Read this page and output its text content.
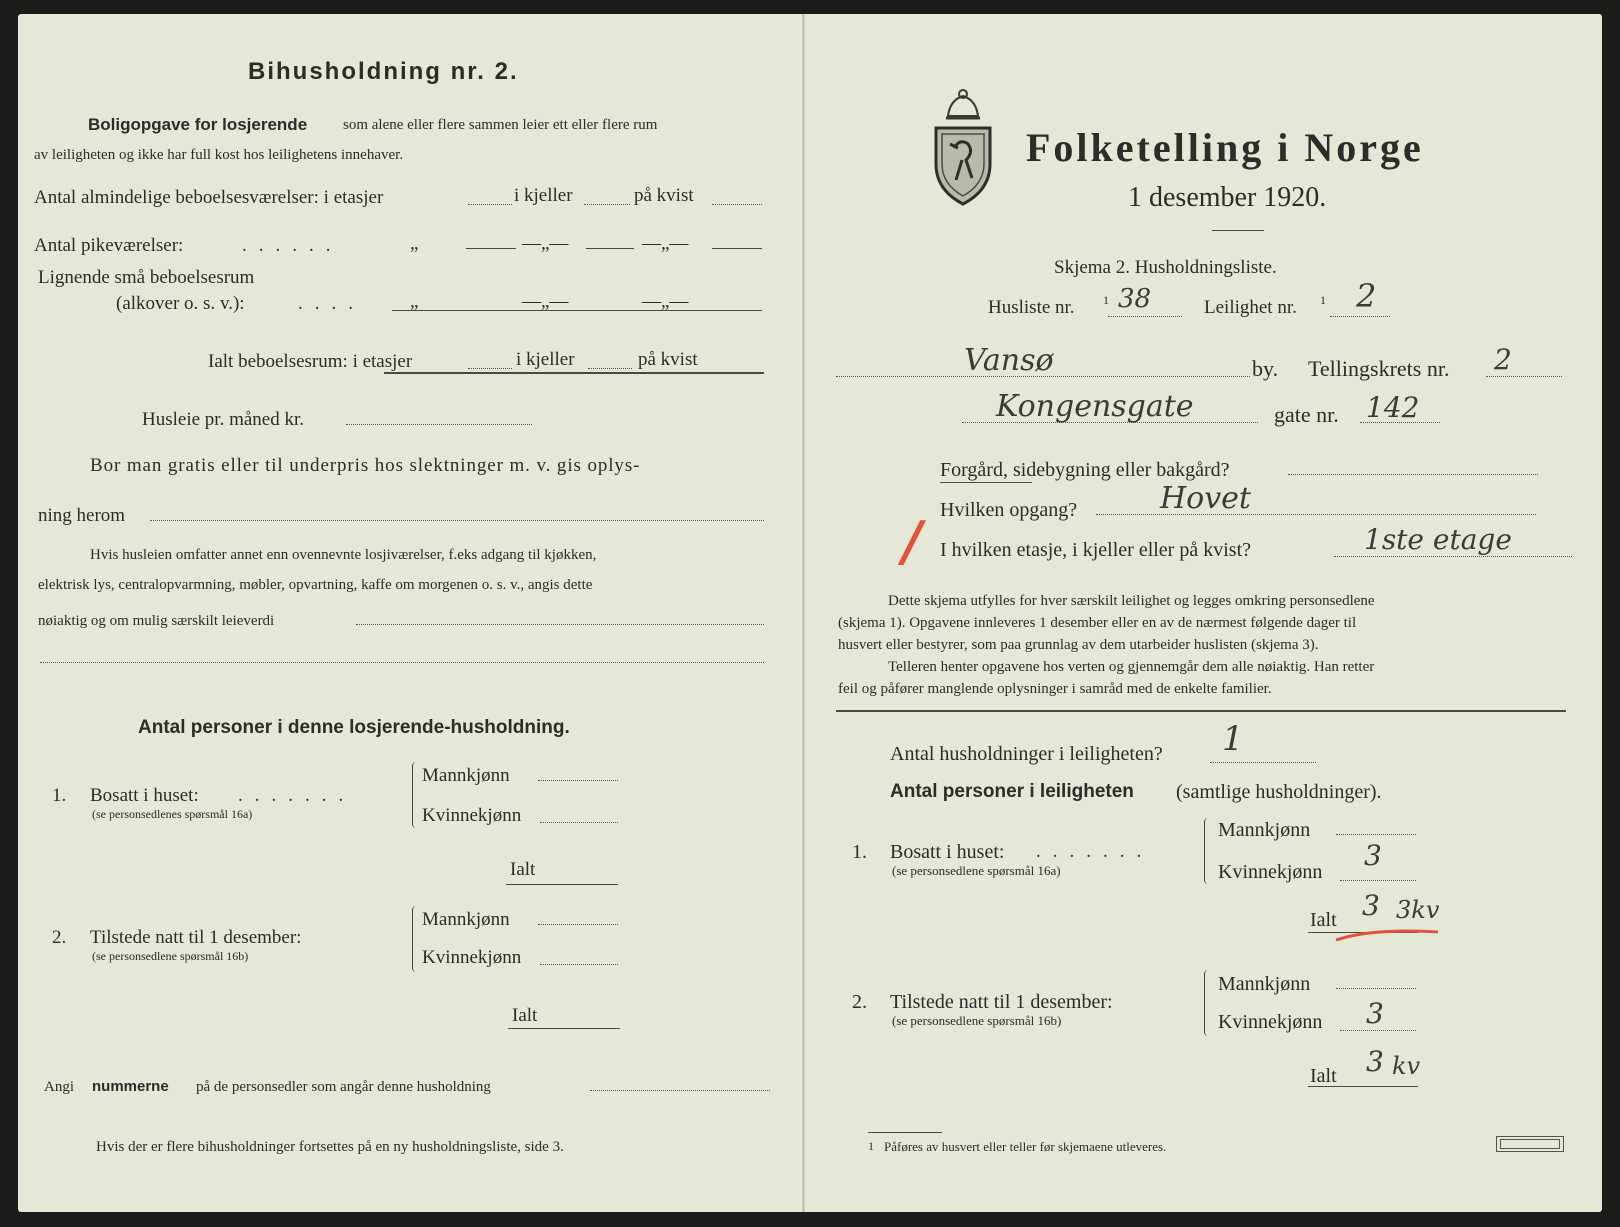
Bihusholdning nr. 2.
Boligopgave for losjerende som alene eller flere sammen leier ett eller flere rum
av leiligheten og ikke har full kost hos leilighetens innehaver.
Antal almindelige beboelsesværelser: i etasjer	i kjeller	på kvist
Antal pikeværelser:	......	„	—„—	—„—
Lignende små beboelsesrum
(alkover o. s. v.):	.... „	—„—	—„—
Ialt beboelsesrum: i etasjer	i kjeller	på kvist
Husleie pr. måned kr.
Bor man gratis eller til underpris hos slektninger m. v. gis oplys-
ning herom
Hvis husleien omfatter annet enn ovennevnte losjiværelser, f.eks adgang til kjøkken,
elektrisk lys, centralopvarmning, møbler, opvartning, kaffe om morgenen o. s. v., angis dette
nøiaktig og om mulig særskilt leieverdi
Antal personer i denne losjerende-husholdning.
1. Bosatt i huset: .......
(se personsedlenes spørsmål 16a)
Mannkjønn
Kvinnekjønn
Ialt
2. Tilstede natt til 1 desember:
(se personsedlene spørsmål 16b)
Mannkjønn
Kvinnekjønn
Ialt
Angi nummerne på de personsedler som angår denne husholdning
Hvis der er flere bihusholdninger fortsettes på en ny husholdningsliste, side 3.
Folketelling i Norge
1 desember 1920.
Skjema 2. Husholdningsliste.
Husliste nr. 1 38	Leilighet nr. 1 2
Vansø	by. Tellingskrets nr. 2
Kongensgate	gate nr. 142
Forgård, sidebygning eller bakgård?
Hvilken opgang?	Hovet
/ I hvilken etasje, i kjeller eller på kvist?	1ste etage
Dette skjema utfylles for hver særskilt leilighet og legges omkring personsedlene
(skjema 1). Opgavene innleveres 1 desember eller en av de nærmest følgende dager til
husvert eller bestyrer, som paa grunnlag av dem utarbeider huslisten (skjema 3).
Telleren henter opgavene hos verten og gjennemgår dem alle nøiaktig. Han retter
feil og påfører manglende oplysninger i samråd med de enkelte familier.
Antal husholdninger i leiligheten? 1
Antal personer i leiligheten (samtlige husholdninger).
1. Bosatt i huset: .......
(se personsedlene spørsmål 16a)
Mannkjønn
Kvinnekjønn 3
Ialt 3 3kv
2. Tilstede natt til 1 desember:
(se personsedlene spørsmål 16b)
Mannkjønn
Kvinnekjønn 3
Ialt 3 kv
1 Påføres av husvert eller teller før skjemaene utleveres.
